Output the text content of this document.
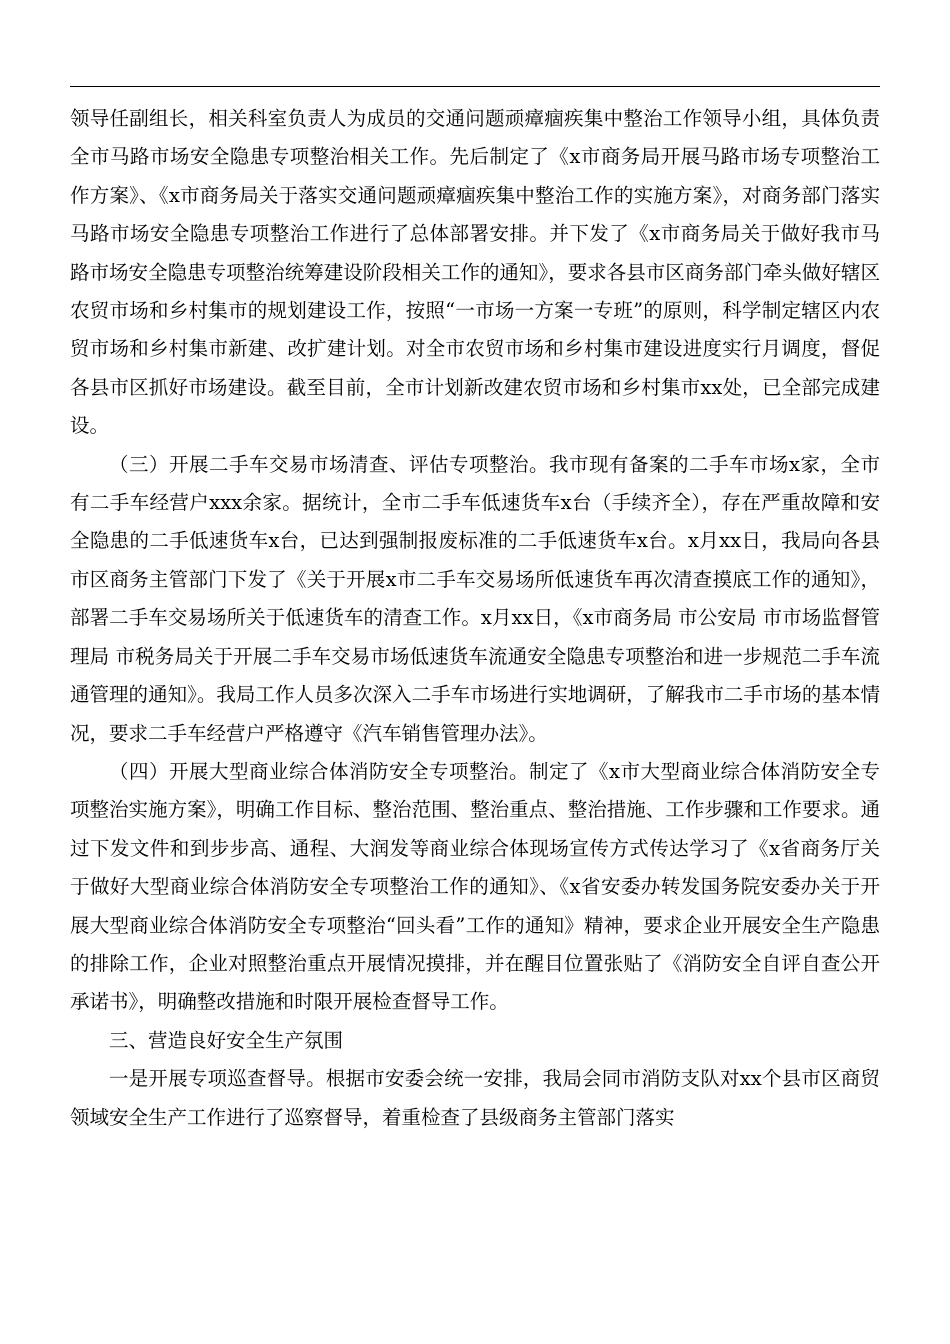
领导任副组长，相关科室负责人为成员的交通问题顽瘴痼疾集中整治工作领导小组，具体负责全市马路市场安全隐患专项整治相关工作。先后制定了《x市商务局开展马路市场专项整治工作方案》、《x市商务局关于落实交通问题顽瘴痼疾集中整治工作的实施方案》，对商务部门落实马路市场安全隐患专项整治工作进行了总体部署安排。并下发了《x市商务局关于做好我市马路市场安全隐患专项整治统筹建设阶段相关工作的通知》，要求各县市区商务部门牵头做好辖区农贸市场和乡村集市的规划建设工作，按照“一市场一方案一专班”的原则，科学制定辖区内农贸市场和乡村集市新建、改扩建计划。对全市农贸市场和乡村集市建设进度实行月调度，督促各县市区抓好市场建设。截至目前，全市计划新改建农贸市场和乡村集市xx处，已全部完成建设。

（三）开展二手车交易市场清查、评估专项整治。我市现有备案的二手车市场x家，全市有二手车经营户xxx余家。据统计，全市二手车低速货车x台（手续齐全），存在严重故障和安全隐患的二手低速货车x台，已达到强制报废标准的二手低速货车x台。x月xx日，我局向各县市区商务主管部门下发了《关于开展x市二手车交易场所低速货车再次清查摸底工作的通知》，部署二手车交易场所关于低速货车的清查工作。x月xx日，《x市商务局 市公安局 市市场监督管理局 市税务局关于开展二手车交易市场低速货车流通安全隐患专项整治和进一步规范二手车流通管理的通知》。我局工作人员多次深入二手车市场进行实地调研，了解我市二手市场的基本情况，要求二手车经营户严格遵守《汽车销售管理办法》。

（四）开展大型商业综合体消防安全专项整治。制定了《x市大型商业综合体消防安全专项整治实施方案》，明确工作目标、整治范围、整治重点、整治措施、工作步骤和工作要求。通过下发文件和到步步高、通程、大润发等商业综合体现场宣传方式传达学习了《x省商务厅关于做好大型商业综合体消防安全专项整治工作的通知》、《x省安委办转发国务院安委办关于开展大型商业综合体消防安全专项整治“回头看”工作的通知》精神，要求企业开展安全生产隐患的排除工作，企业对照整治重点开展情况摸排，并在醒目位置张贴了《消防安全自评自查公开承诺书》，明确整改措施和时限开展检查督导工作。

三、营造良好安全生产氛围

一是开展专项巡查督导。根据市安委会统一安排，我局会同市消防支队对xx个县市区商贸领域安全生产工作进行了巡察督导，着重检查了县级商务主管部门落实
